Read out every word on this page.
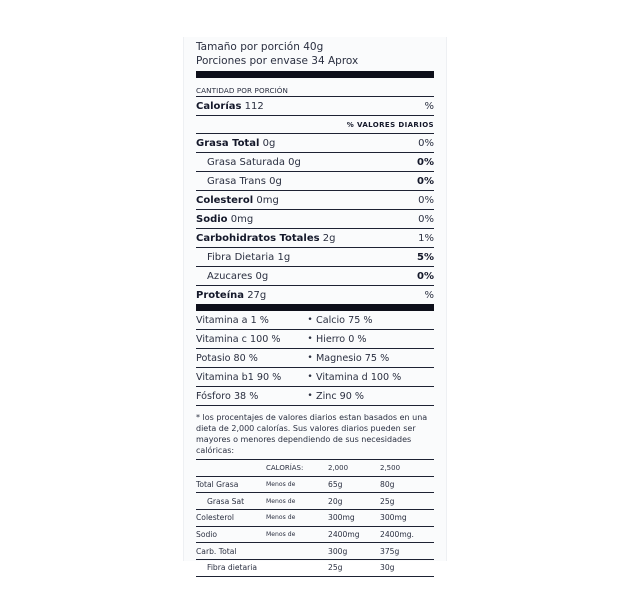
Tamaño por porción 40g
Porciones por envase 34 Aprox
CANTIDAD POR PORCIÓN
Calorías 112	%
% VALORES DIARIOS
Grasa Total 0g	0%
Grasa Saturada 0g	0%
Grasa Trans 0g	0%
Colesterol 0mg	0%
Sodio 0mg	0%
Carbohidratos Totales 2g	1%
Fibra Dietaria 1g	5%
Azucares 0g	0%
Proteína 27g	%
Vitamina a 1 %	• Calcio 75 %
Vitamina c 100 %	• Hierro 0 %
Potasio 80 %	• Magnesio 75 %
Vitamina b1 90 %	• Vitamina d 100 %
Fósforo 38 %	• Zinc 90 %
* los procentajes de valores diarios estan basados en una dieta de 2,000 calorías. Sus valores diarios pueden ser mayores o menores dependiendo de sus necesidades calóricas:
	CALORÍAS:	2,000	2,500
Total Grasa	Menos de	65g	80g
Grasa Sat	Menos de	20g	25g
Colesterol	Menos de	300mg	300mg
Sodio	Menos de	2400mg	2400mg.
Carb. Total		300g	375g
Fibra dietaria		25g	30g
